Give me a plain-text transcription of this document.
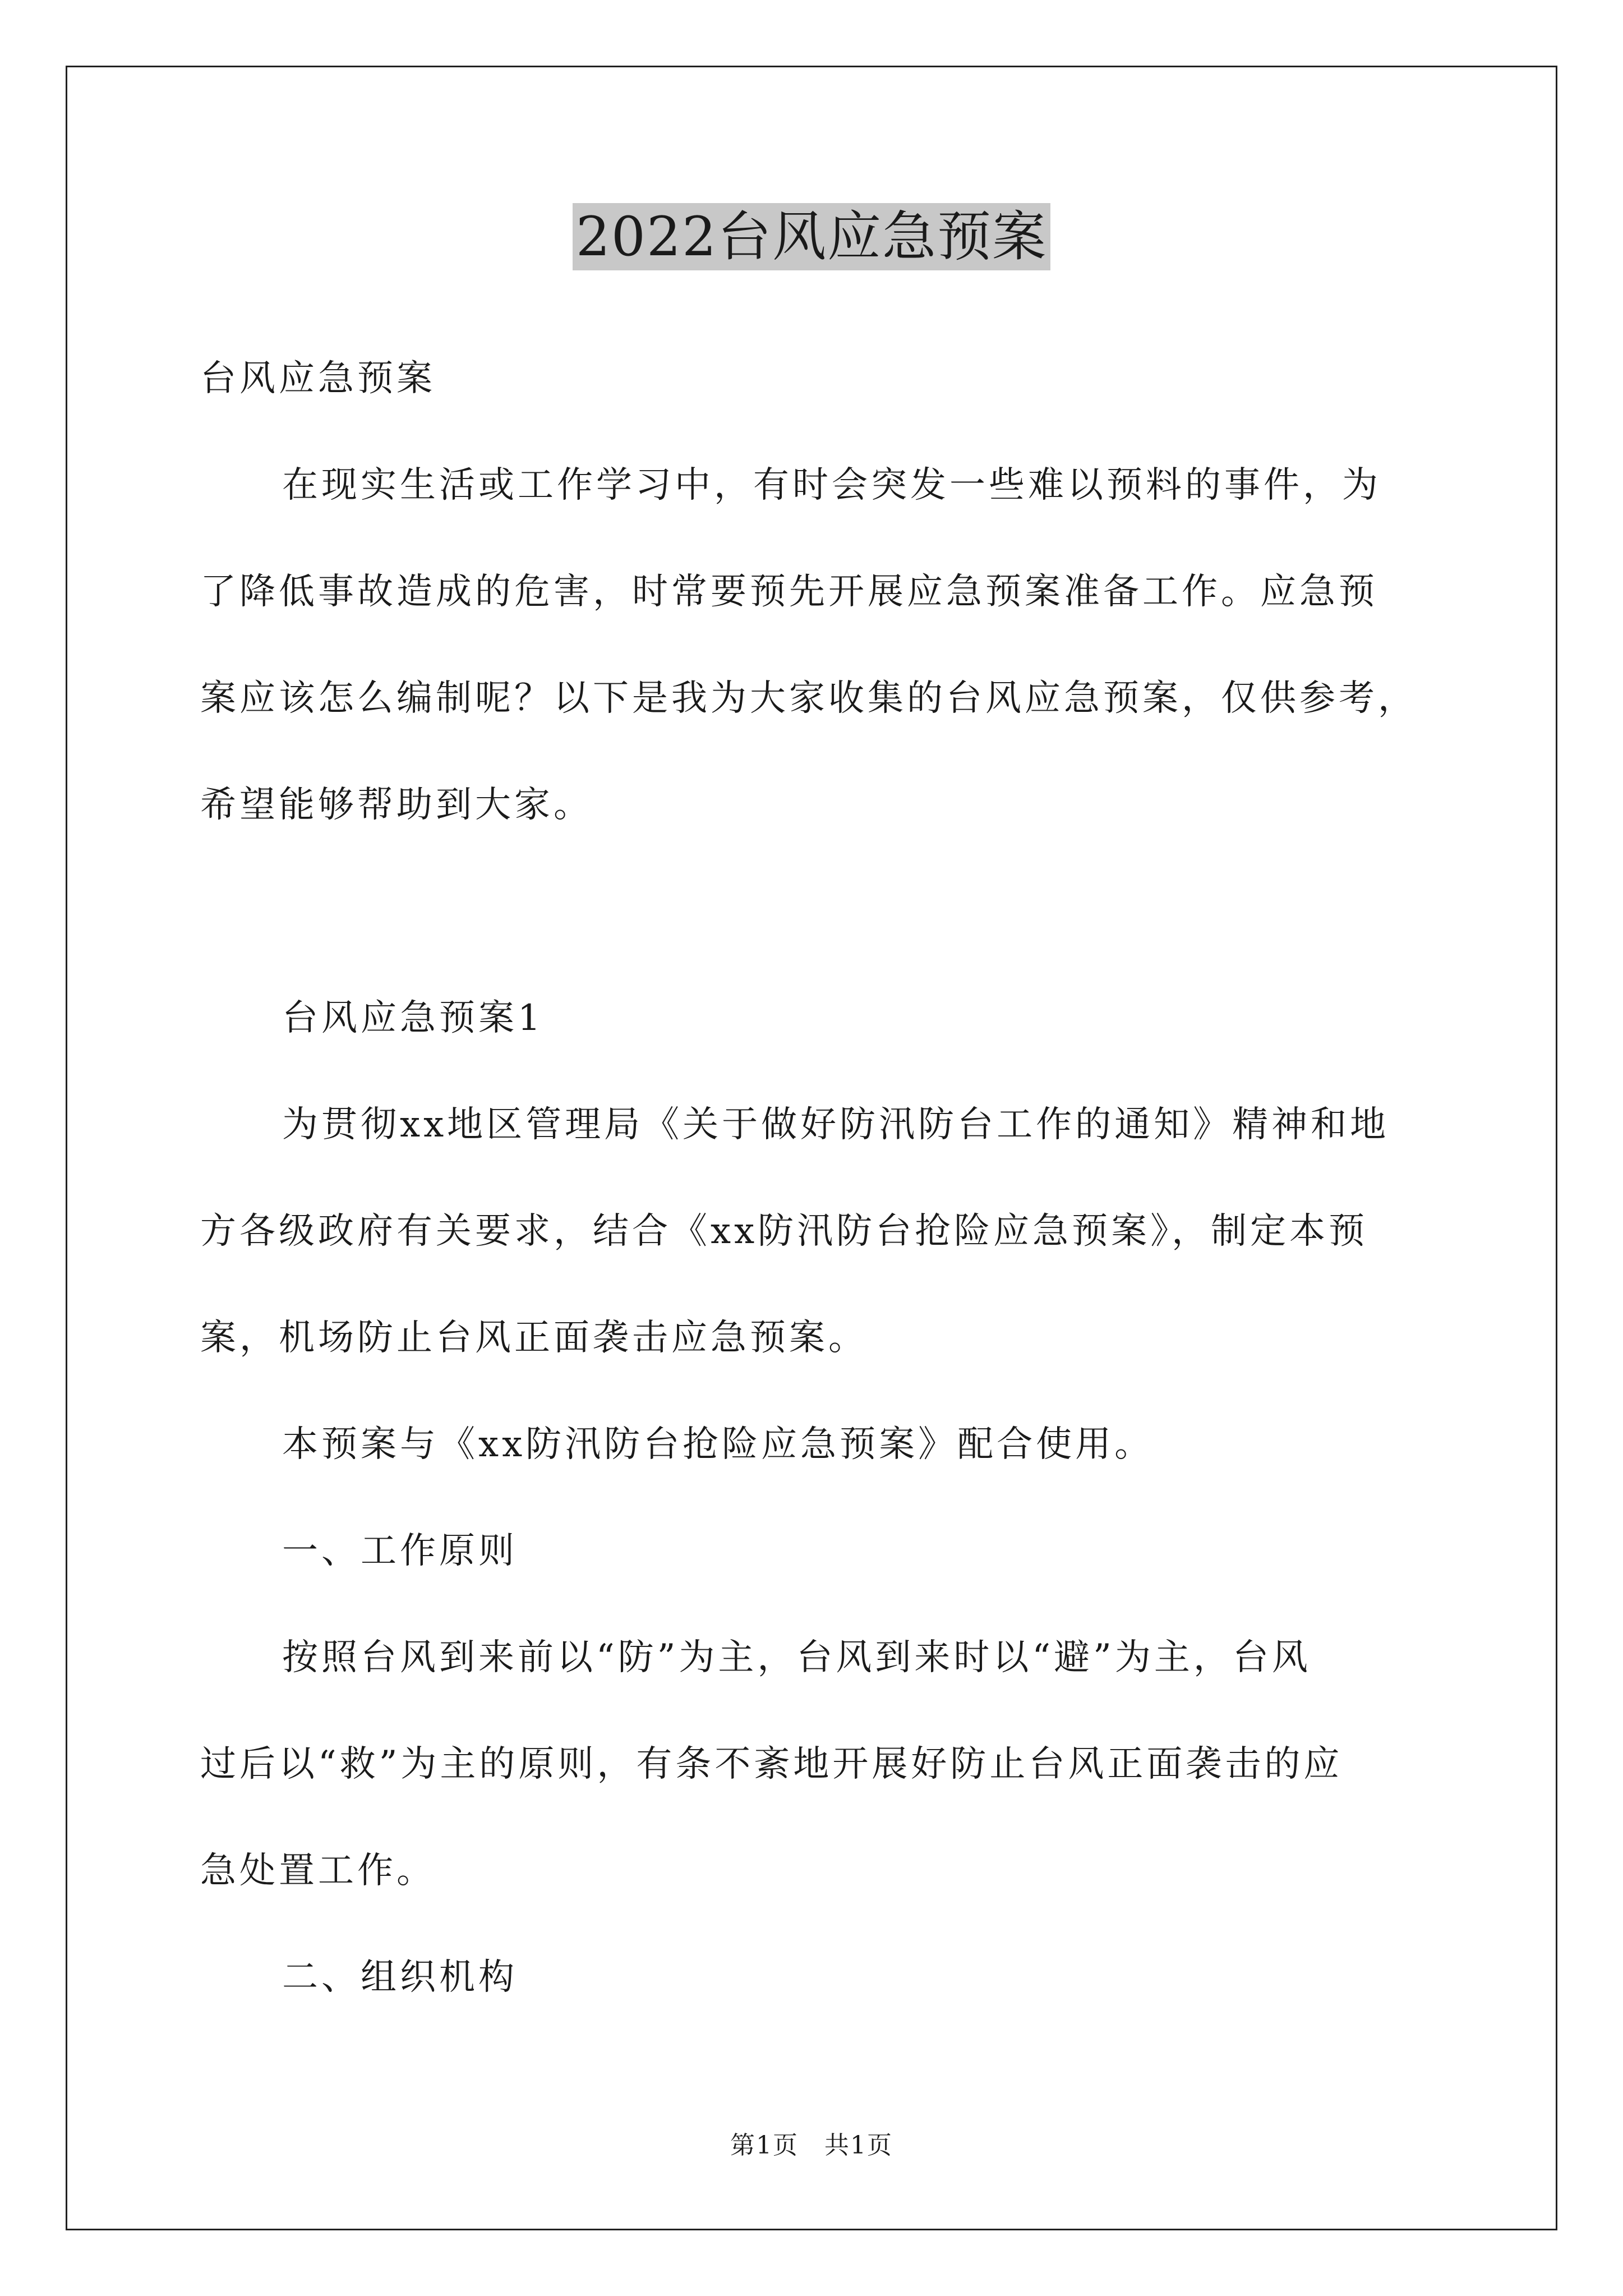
2022台风应急预案
台风应急预案
在现实生活或工作学习中，有时会突发一些难以预料的事件，为
了降低事故造成的危害，时常要预先开展应急预案准备工作。应急预
案应该怎么编制呢？以下是我为大家收集的台风应急预案，仅供参考，
希望能够帮助到大家。
台风应急预案1
为贯彻xx地区管理局《关于做好防汛防台工作的通知》精神和地
方各级政府有关要求，结合《xx防汛防台抢险应急预案》，制定本预
案，机场防止台风正面袭击应急预案。
本预案与《xx防汛防台抢险应急预案》配合使用。
一、工作原则
按照台风到来前以“防”为主，台风到来时以“避”为主，台风
过后以“救”为主的原则，有条不紊地开展好防止台风正面袭击的应
急处置工作。
二、组织机构
第1页　共1页
